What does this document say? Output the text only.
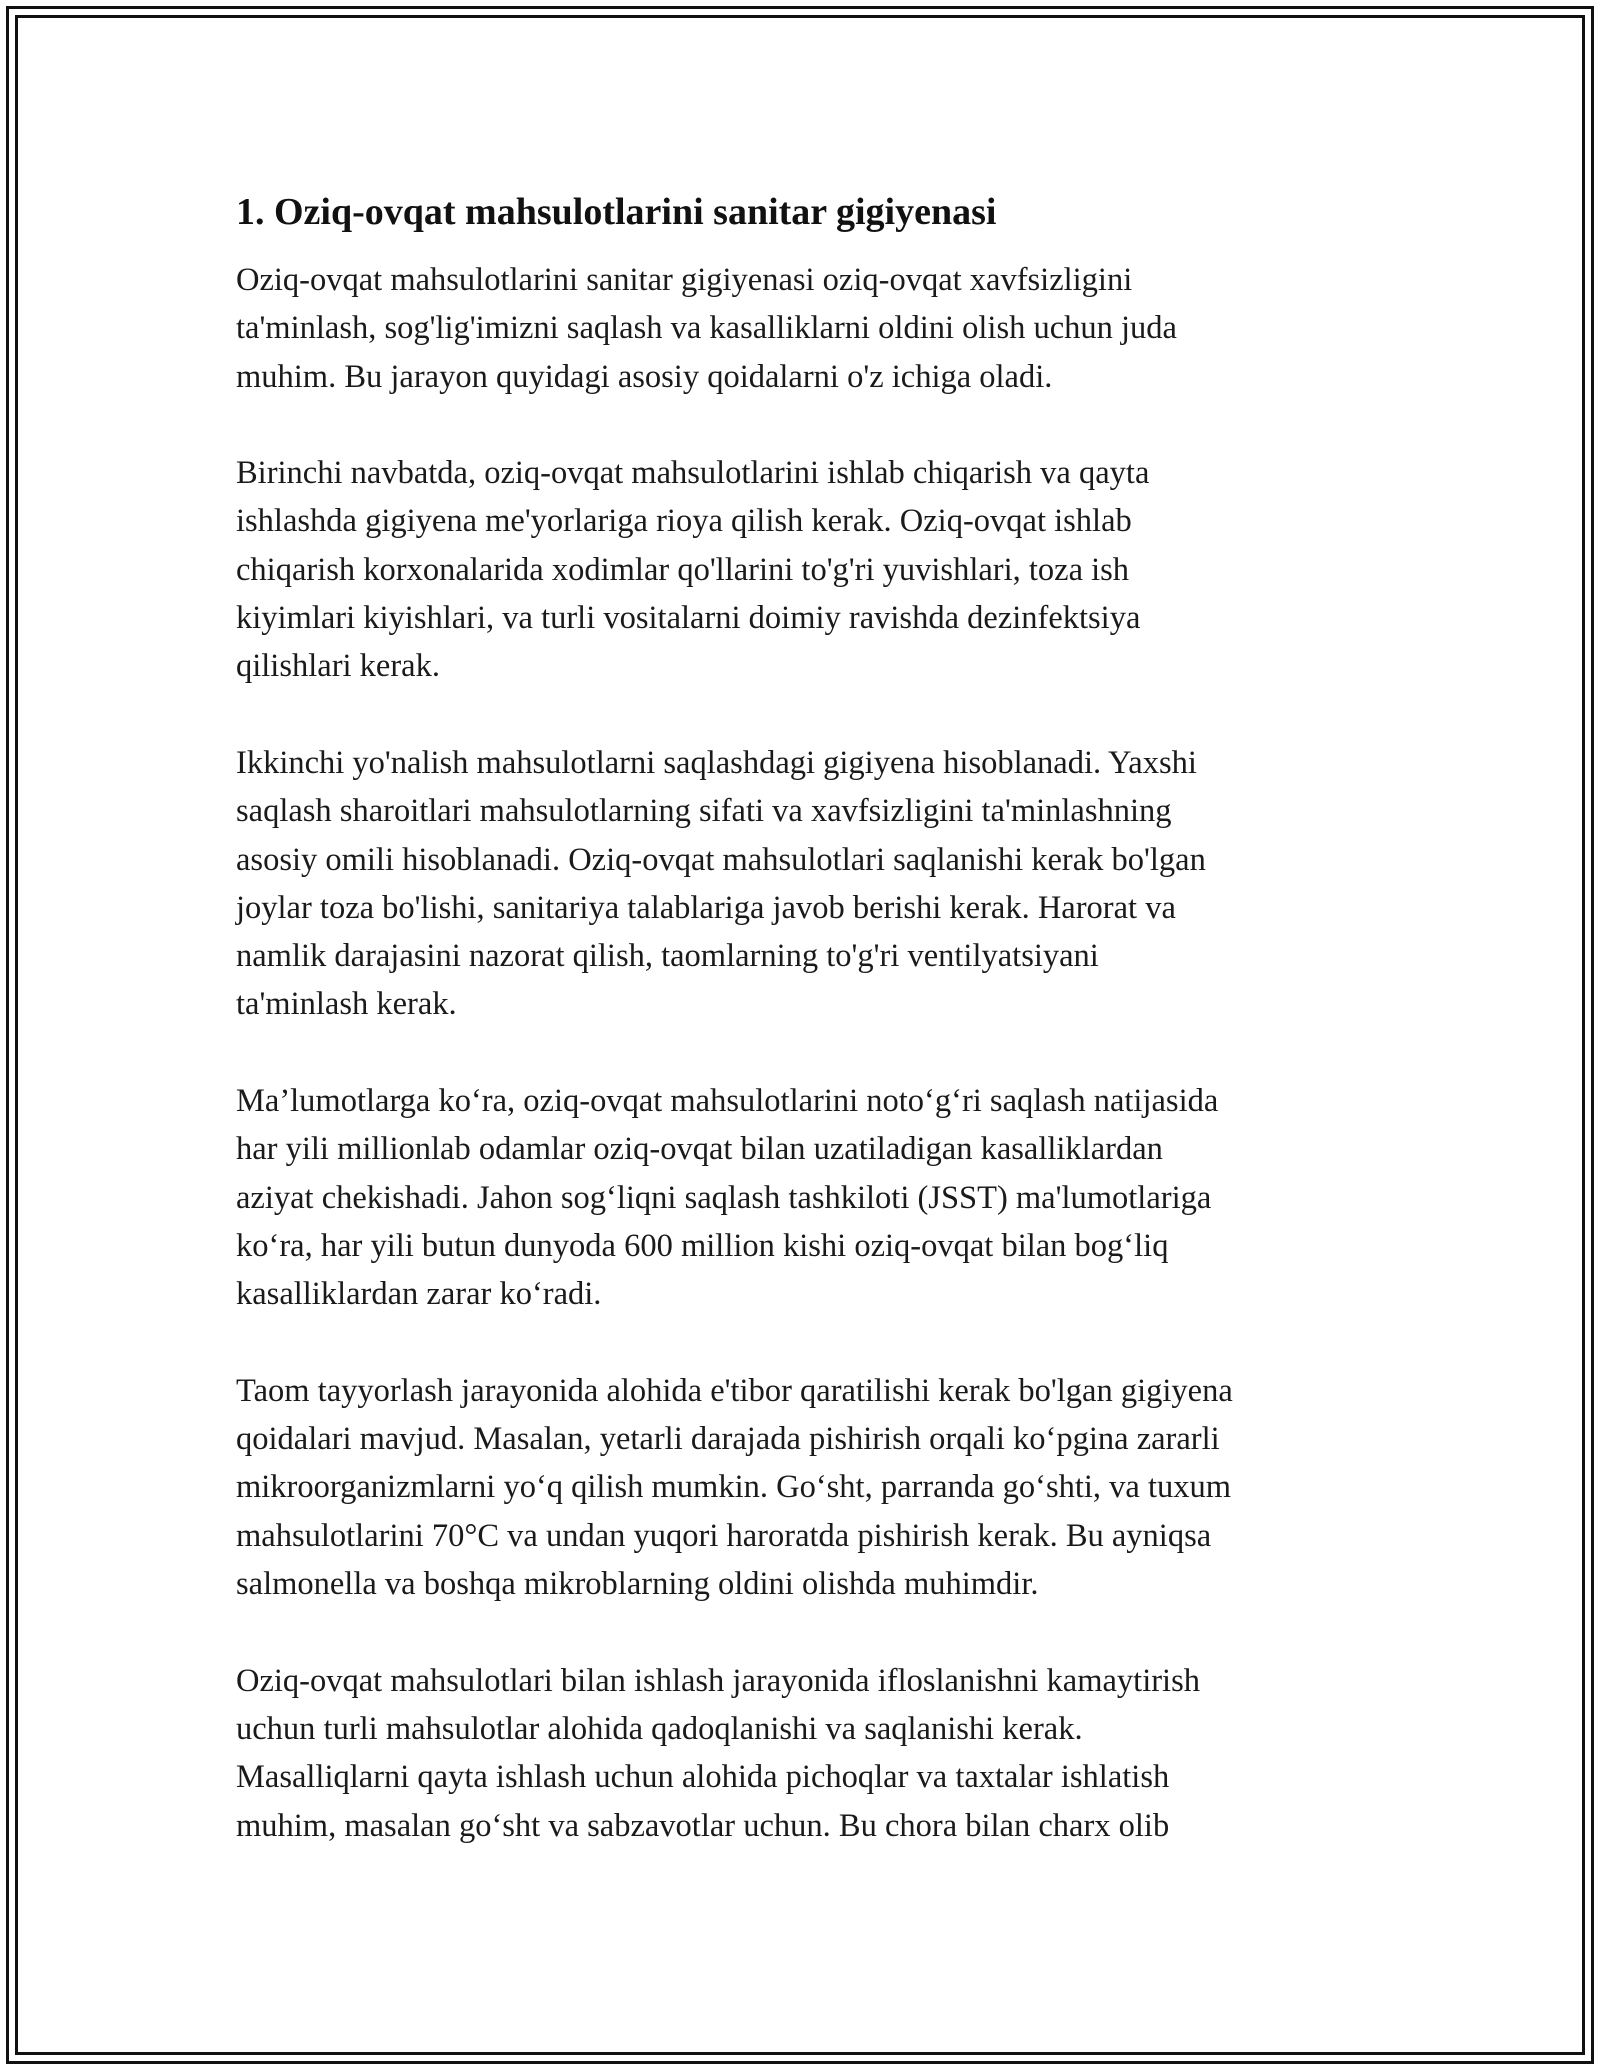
1. Oziq-ovqat mahsulotlarini sanitar gigiyenasi

Oziq-ovqat mahsulotlarini sanitar gigiyenasi oziq-ovqat xavfsizligini
ta'minlash, sog'lig'imizni saqlash va kasalliklarni oldini olish uchun juda
muhim. Bu jarayon quyidagi asosiy qoidalarni o'z ichiga oladi.

Birinchi navbatda, oziq-ovqat mahsulotlarini ishlab chiqarish va qayta
ishlashda gigiyena me'yorlariga rioya qilish kerak. Oziq-ovqat ishlab
chiqarish korxonalarida xodimlar qo'llarini to'g'ri yuvishlari, toza ish
kiyimlari kiyishlari, va turli vositalarni doimiy ravishda dezinfektsiya
qilishlari kerak.

Ikkinchi yo'nalish mahsulotlarni saqlashdagi gigiyena hisoblanadi. Yaxshi
saqlash sharoitlari mahsulotlarning sifati va xavfsizligini ta'minlashning
asosiy omili hisoblanadi. Oziq-ovqat mahsulotlari saqlanishi kerak bo'lgan
joylar toza bo'lishi, sanitariya talablariga javob berishi kerak. Harorat va
namlik darajasini nazorat qilish, taomlarning to'g'ri ventilyatsiyani
ta'minlash kerak.

Ma’lumotlarga ko‘ra, oziq-ovqat mahsulotlarini noto‘g‘ri saqlash natijasida
har yili millionlab odamlar oziq-ovqat bilan uzatiladigan kasalliklardan
aziyat chekishadi. Jahon sog‘liqni saqlash tashkiloti (JSST) ma'lumotlariga
ko‘ra, har yili butun dunyoda 600 million kishi oziq-ovqat bilan bog‘liq
kasalliklardan zarar ko‘radi.

Taom tayyorlash jarayonida alohida e'tibor qaratilishi kerak bo'lgan gigiyena
qoidalari mavjud. Masalan, yetarli darajada pishirish orqali ko‘pgina zararli
mikroorganizmlarni yo‘q qilish mumkin. Go‘sht, parranda go‘shti, va tuxum
mahsulotlarini 70°C va undan yuqori haroratda pishirish kerak. Bu ayniqsa
salmonella va boshqa mikroblarning oldini olishda muhimdir.

Oziq-ovqat mahsulotlari bilan ishlash jarayonida ifloslanishni kamaytirish
uchun turli mahsulotlar alohida qadoqlanishi va saqlanishi kerak.
Masalliqlarni qayta ishlash uchun alohida pichoqlar va taxtalar ishlatish
muhim, masalan go‘sht va sabzavotlar uchun. Bu chora bilan charx olib
